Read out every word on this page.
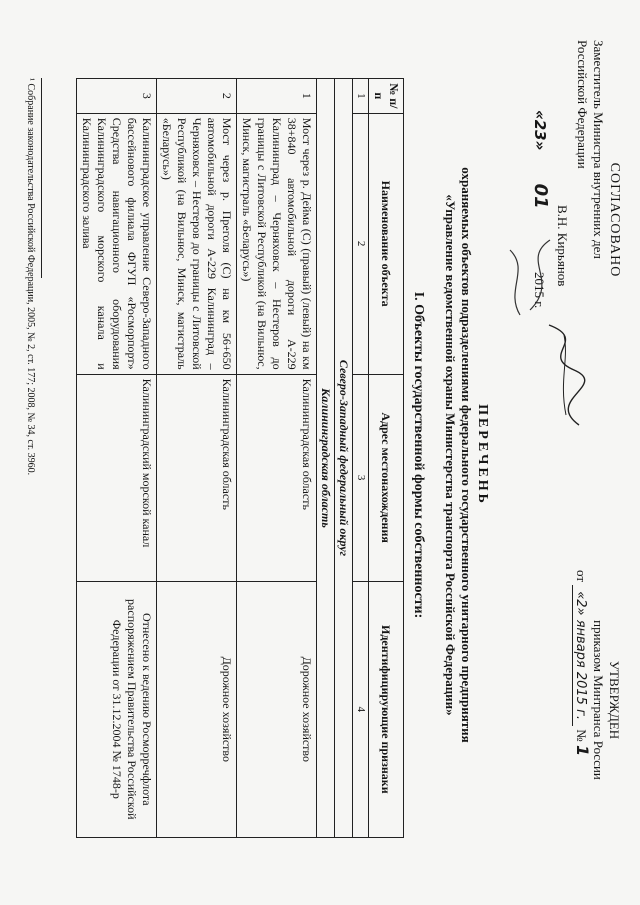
УТВЕРЖДЕН
приказом Минтранса России
от «2» января 2015 г. № 1
СОГЛАСОВАНО
Заместитель Министра внутренних дел
Российской Федерации
В.Н. Кирьянов
«23» 01 2015 г.
ПЕРЕЧЕНЬ
охраняемых объектов подразделениями федерального государственного унитарного предприятия
«Управление ведомственной охраны Министерства транспорта Российской Федерации»
I. Объекты государственной формы собственности:
№ п/п	Наименование объекта	Адрес местонахождения	Идентифицирующие признаки
1	2	3	4
Северо-Западный федеральный округ			
Калининградская область			
1	Мост через р. Дейма (С) (правый) (левый) на км 38+840 автомобильной дороги А-229 Калининград – Черняховск – Нестеров до границы с Литовской Республикой (на Вильнюс, Минск, магистраль «Беларусь»)	Калининградская область	Дорожное хозяйство
2	Мост через р. Преголя (С) на км 56+650 автомобильной дороги А-229 Калининград – Черняховск – Нестеров до границы с Литовской Республикой (на Вильнюс, Минск, магистраль «Беларусь»)	Калининградская область	Дорожное хозяйство
3	Калининградское управление Северо-Западного бассейнового филиала ФГУП «Росморпорт» Средства навигационного оборудования Калининградского морского канала и Калининградского залива	Калининградский морской канал	Отнесено к ведению Росморречфлота распоряжением Правительства Российской Федерации от 31.12.2004 № 1748-р
¹ Собрание законодательства Российской Федерации, 2005, № 2, ст. 177; 2008, № 34, ст. 3960.
